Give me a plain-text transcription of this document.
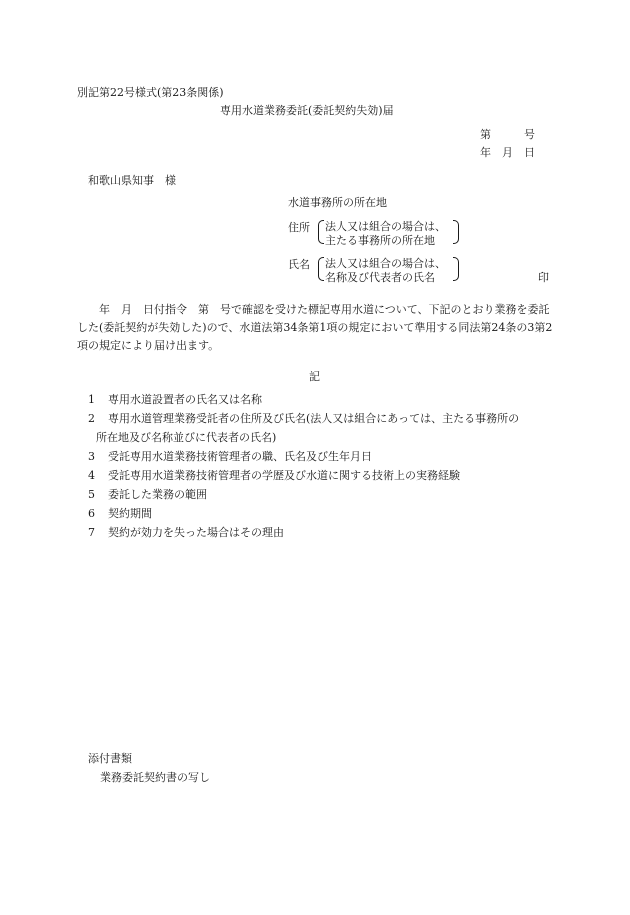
別記第22号様式(第23条関係)
専用水道業務委託(委託契約失効)届
第　　　号
年　月　日
和歌山県知事　様
水道事務所の所在地
住所 法人又は組合の場合は、
主たる事務所の所在地
氏名 法人又は組合の場合は、
名称及び代表者の氏名	印
年　月　日付指令　第　号で確認を受けた標記専用水道について、下記のとおり業務を委託した(委託契約が失効した)ので、水道法第34条第1項の規定において準用する同法第24条の3第2項の規定により届け出ます。
記
1 専用水道設置者の氏名又は名称
2 専用水道管理業務受託者の住所及び氏名(法人又は組合にあっては、主たる事務所の
所在地及び名称並びに代表者の氏名)
3 受託専用水道業務技術管理者の職、氏名及び生年月日
4 受託専用水道業務技術管理者の学歴及び水道に関する技術上の実務経験
5 委託した業務の範囲
6 契約期間
7 契約が効力を失った場合はその理由
添付書類
業務委託契約書の写し
